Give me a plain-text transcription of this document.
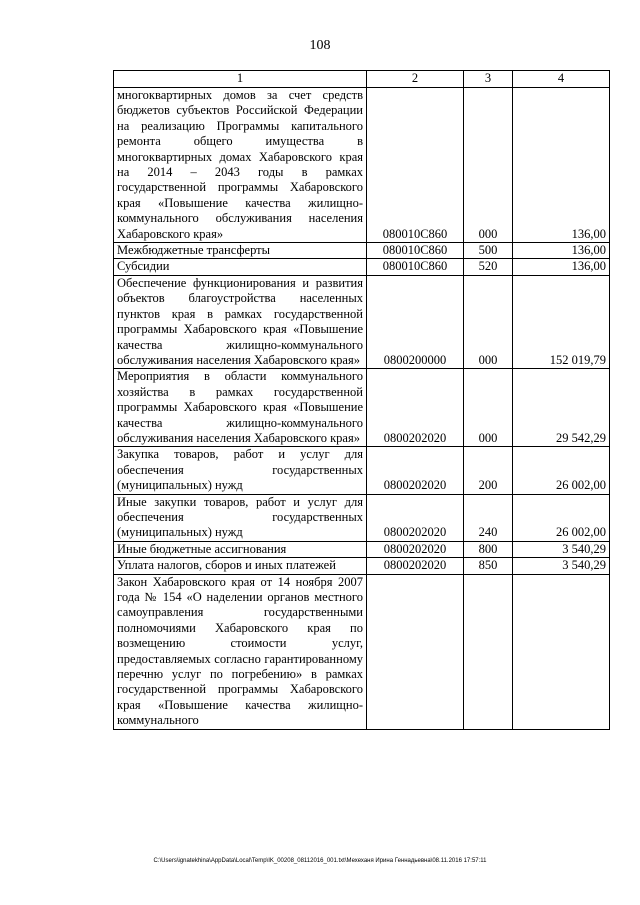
108
1	2	3	4
многоквартирных домов за счет средств бюджетов субъектов Российской Федерации на реализацию Программы капитального ремонта общего имущества в многоквартирных домах Хабаровского края на 2014 – 2043 годы в рамках государственной программы Хабаровского края «Повышение качества жилищно-коммунального обслуживания населения Хабаровского края»	080010С860	000	136,00
Межбюджетные трансферты	080010С860	500	136,00
Субсидии	080010С860	520	136,00
Обеспечение функционирования и развития объектов благоустройства населенных пунктов края в рамках государственной программы Хабаровского края «Повышение качества жилищно-коммунального обслуживания населения Хабаровского края»	0800200000	000	152 019,79
Мероприятия в области коммунального хозяйства в рамках государственной программы Хабаровского края «Повышение качества жилищно-коммунального обслуживания населения Хабаровского края»	0800202020	000	29 542,29
Закупка товаров, работ и услуг для обеспечения государственных (муниципальных) нужд	0800202020	200	26 002,00
Иные закупки товаров, работ и услуг для обеспечения государственных (муниципальных) нужд	0800202020	240	26 002,00
Иные бюджетные ассигнования	0800202020	800	3 540,29
Уплата налогов, сборов и иных платежей	0800202020	850	3 540,29
Закон Хабаровского края от 14 ноября 2007 года № 154 «О наделении органов местного самоуправления государственными полномочиями Хабаровского края по возмещению стоимости услуг, предоставляемых согласно гарантированному перечню услуг по погребению» в рамках государственной программы Хабаровского края «Повышение качества жилищно-коммунального			
C:\Users\ignatekhina\AppData\Local\Temp\IK_00208_08112016_001.txt\Мехеханя Ирина Геннадьевна\08.11.2016 17:57:11
